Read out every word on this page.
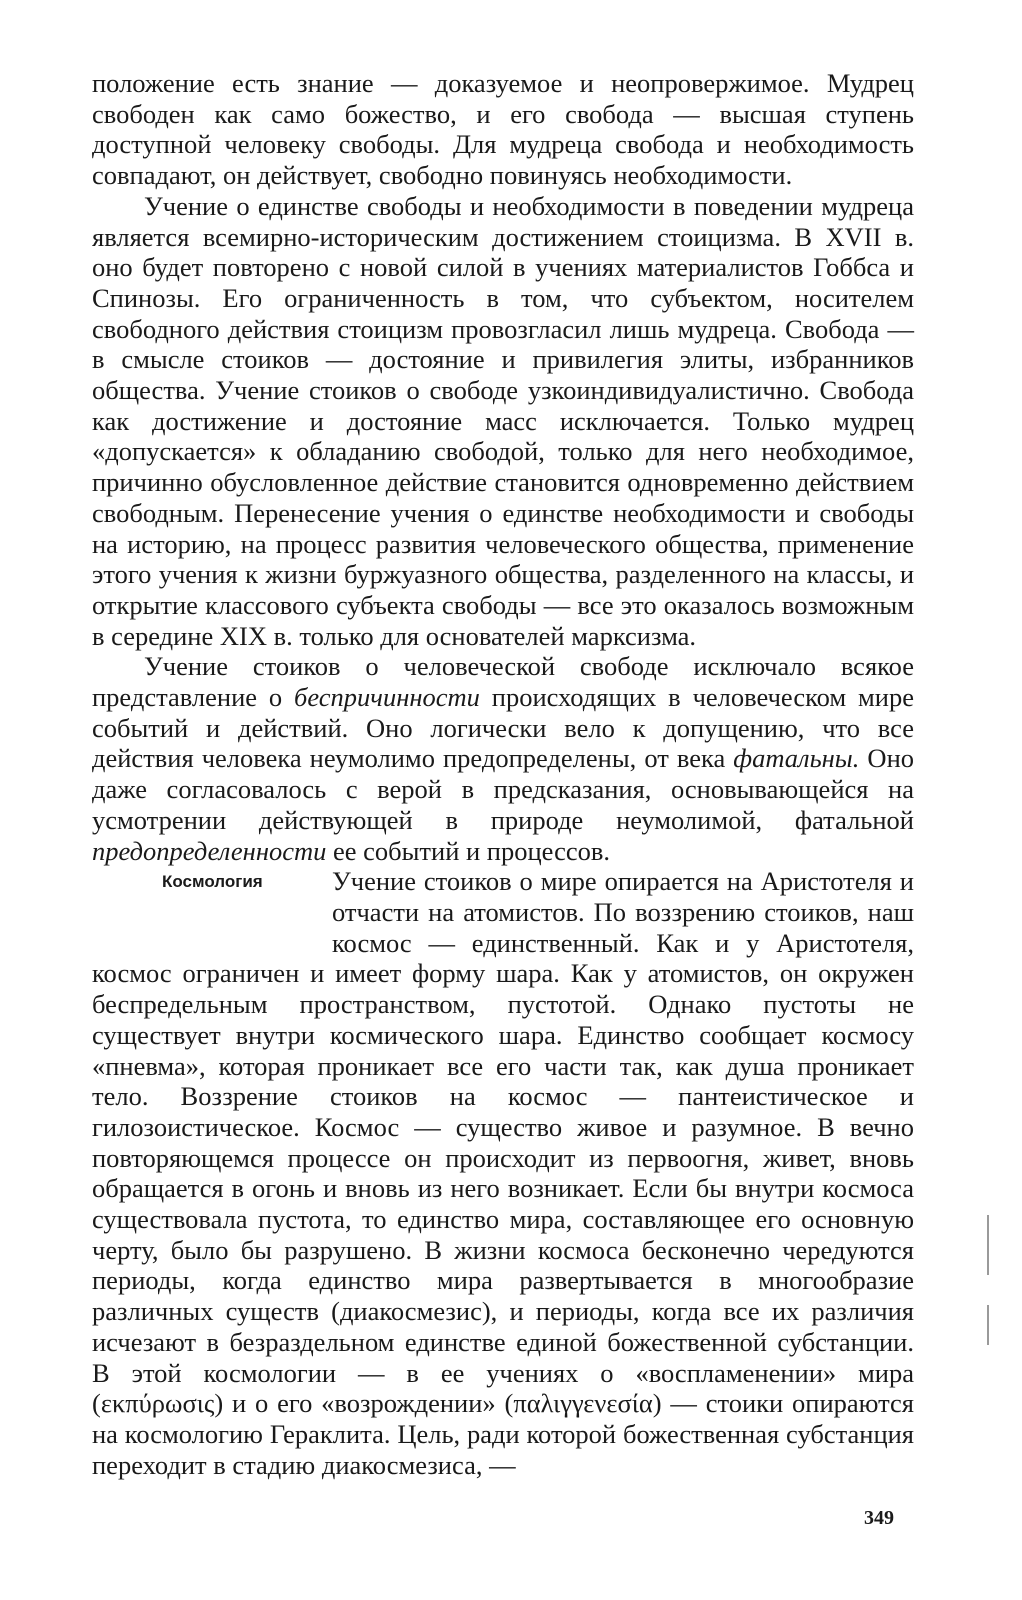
положение есть знание — доказуемое и неопровержимое. Мудрец свободен как само божество, и его свобода — высшая ступень доступной человеку свободы. Для мудреца свобода и необходимость совпадают, он действует, свободно повинуясь необходимости.

Учение о единстве свободы и необходимости в поведении мудреца является всемирно-историческим достижением стоицизма. В XVII в. оно будет повторено с новой силой в учениях материалистов Гоббса и Спинозы. Его ограниченность в том, что субъектом, носителем свободного действия стоицизм провозгласил лишь мудреца. Свобода — в смысле стоиков — достояние и привилегия элиты, избранников общества. Учение стоиков о свободе узкоиндивидуалистично. Свобода как достижение и достояние масс исключается. Только мудрец «допускается» к обладанию свободой, только для него необходимое, причинно обусловленное действие становится одновременно действием свободным. Перенесение учения о единстве необходимости и свободы на историю, на процесс развития человеческого общества, применение этого учения к жизни буржуазного общества, разделенного на классы, и открытие классового субъекта свободы — все это оказалось возможным в середине XIX в. только для основателей марксизма.

Учение стоиков о человеческой свободе исключало всякое представление о беспричинности происходящих в человеческом мире событий и действий. Оно логически вело к допущению, что все действия человека неумолимо предопределены, от века фатальны. Оно даже согласовалось с верой в предсказания, основывающейся на усмотрении действующей в природе неумолимой, фатальной предопределенности ее событий и процессов.

Космология	Учение стоиков о мире опирается на Аристотеля и отчасти на атомистов. По воззрению стоиков, наш космос — единственный. Как и у Аристотеля, космос ограничен и имеет форму шара. Как у атомистов, он окружен беспредельным пространством, пустотой. Однако пустоты не существует внутри космического шара. Единство сообщает космосу «пневма», которая проникает все его части так, как душа проникает тело. Воззрение стоиков на космос — пантеистическое и гилозоистическое. Космос — существо живое и разумное. В вечно повторяющемся процессе он происходит из первоогня, живет, вновь обращается в огонь и вновь из него возникает. Если бы внутри космоса существовала пустота, то единство мира, составляющее его основную черту, было бы разрушено. В жизни космоса бесконечно чередуются периоды, когда единство мира развертывается в многообразие различных существ (диакосмезис), и периоды, когда все их различия исчезают в безраздельном единстве единой божественной субстанции. В этой космологии — в ее учениях о «воспламенении» мира (εκπύρωσις) и о его «возрождении» (παλιγγενεσία) — стоики опираются на космологию Гераклита. Цель, ради которой божественная субстанция переходит в стадию диакосмезиса, —

349
